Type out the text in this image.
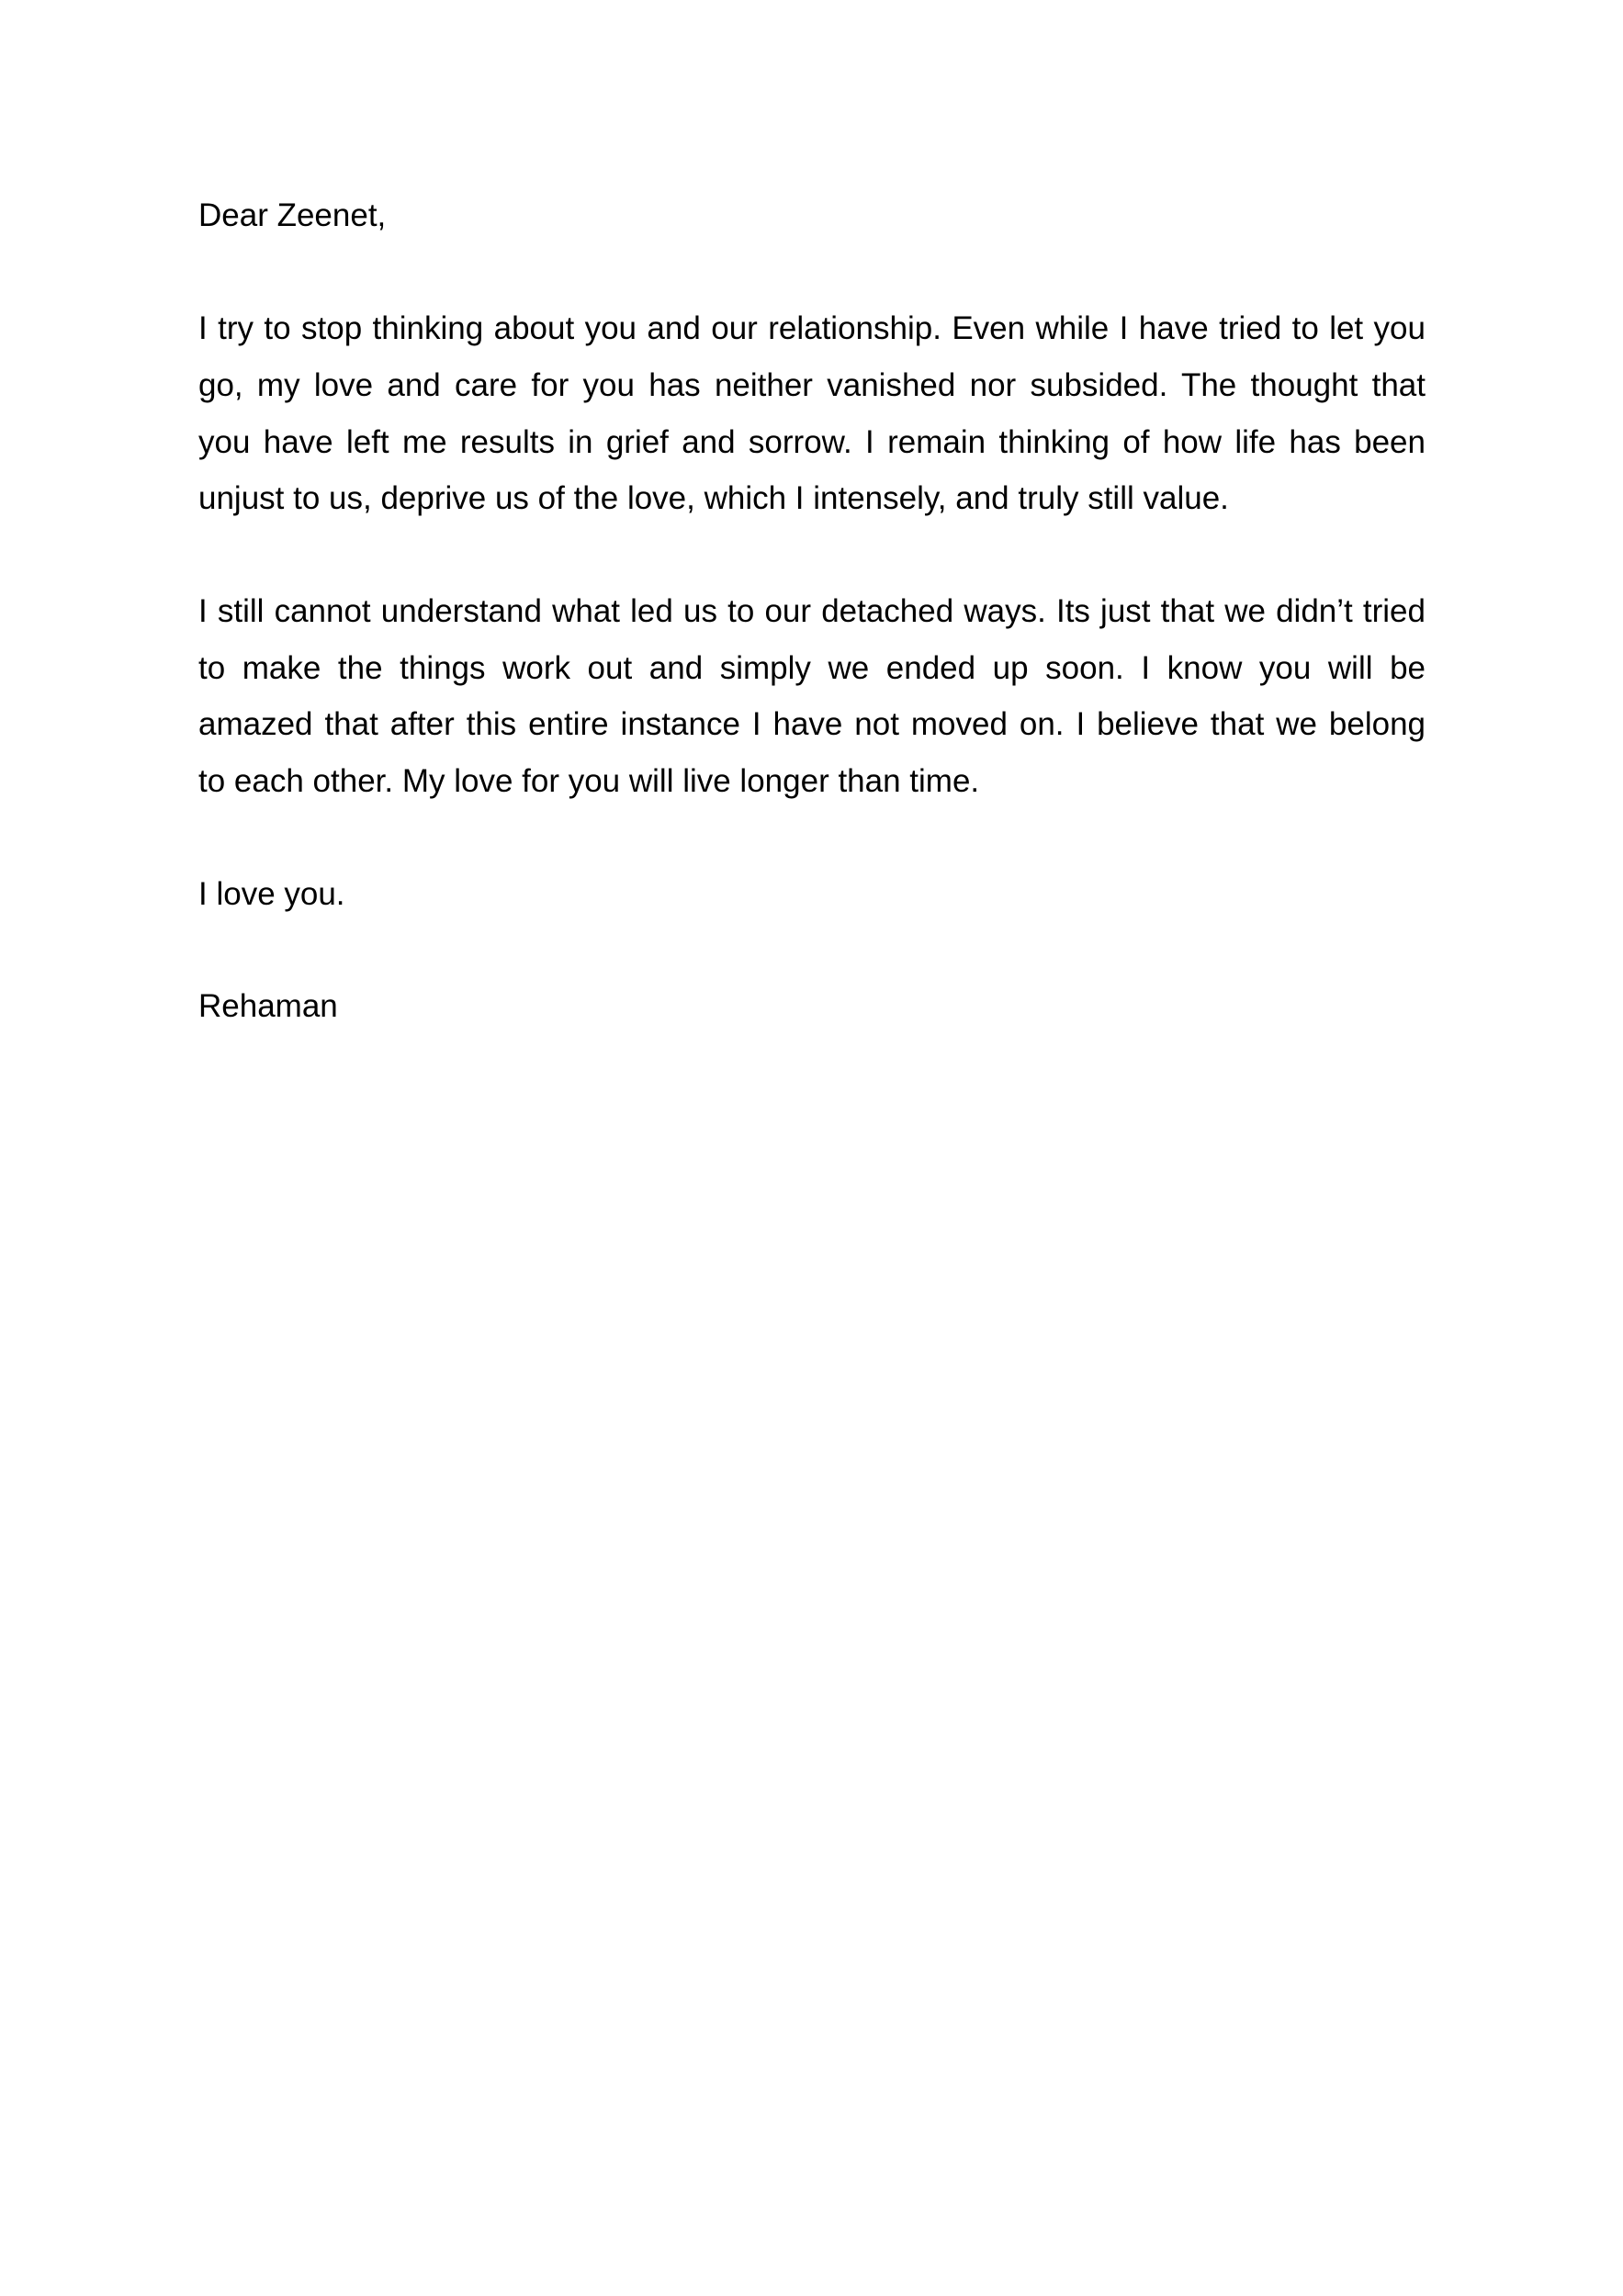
Dear Zeenet,
I try to stop thinking about you and our relationship. Even while I have tried to let you
go, my love and care for you has neither vanished nor subsided. The thought that
you have left me results in grief and sorrow. I remain thinking of how life has been
unjust to us, deprive us of the love, which I intensely, and truly still value.
I still cannot understand what led us to our detached ways. Its just that we didn’t tried
to make the things work out and simply we ended up soon. I know you will be
amazed that after this entire instance I have not moved on. I believe that we belong
to each other. My love for you will live longer than time.
I love you.
Rehaman
